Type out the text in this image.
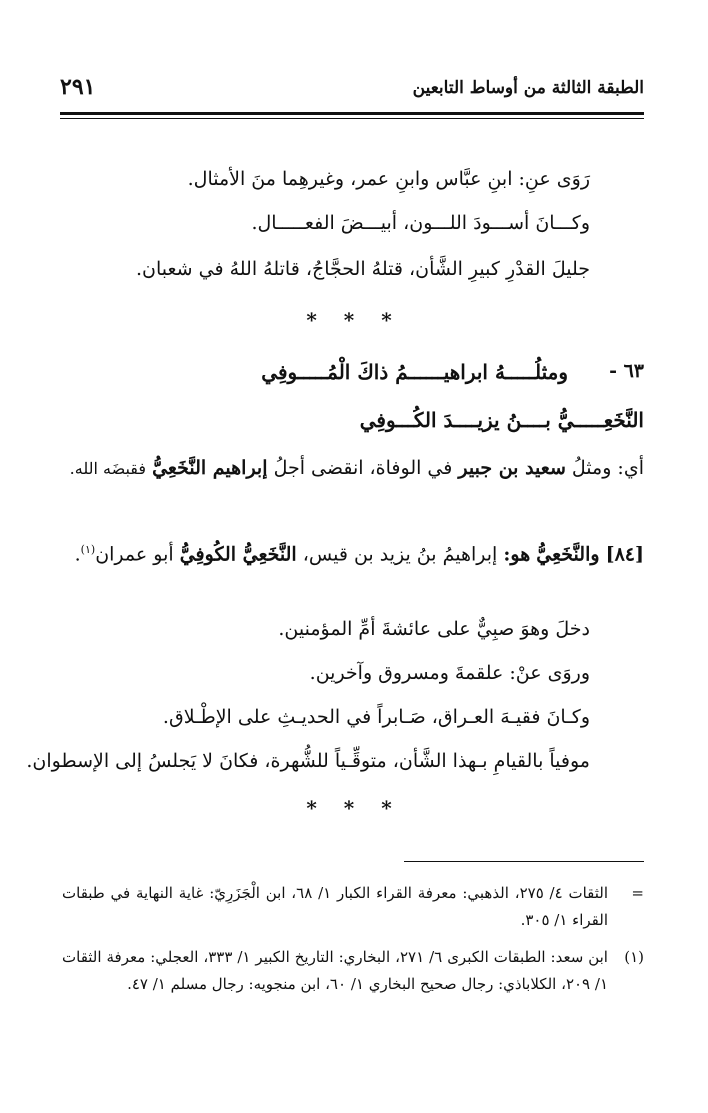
الطبقة الثالثة من أوساط التابعين
٢٩١
رَوَى عنِ: ابنِ عبَّاس وابنِ عمر، وغيرهِما منَ الأمثال.
وكـــانَ أســـودَ اللـــون، أبيـــضَ الفعـــــال.
جليلَ القدْرِ كبيرِ الشَّأن، قتلهُ الحجَّاجُ، قاتلهُ اللهُ في شعبان.
* * *
٦٣ -
ومثلُـــــهُ ابراهيــــــمُ ذاكَ الْمُـــــوفِي
النَّخَعِـــــيُّ بــــنُ يزيــــدَ الكُـــوفِي
أي: ومثلُ سعيد بن جبير في الوفاة، انقضى أجلُ إبراهيم النَّخَعِيُّ فقبضَه الله.
[٨٤] والنَّخَعِيُّ هو: إبراهيمُ بنُ يزيد بن قيس، النَّخَعِيُّ الكُوفِيُّ أبو عمران$^{(١)}$.
دخلَ وهوَ صبِيٌّ على عائشةَ أمِّ المؤمنين.
وروَى عنْ: علقمةَ ومسروق وآخرين.
وكـانَ فقيـهَ العـراق، صَـابراً في الحديـثِ على الإطْـلاق.
موفياً بالقيامِ بـهذا الشَّأن، متوقِّـياً للشُّهرة، فكانَ لا يَجلسُ إلى الإسطوان.
* * *
=
الثقات ٤/ ٢٧٥، الذهبي: معرفة القراء الكبار ١/ ٦٨، ابن الْجَزَرِيّ: غاية النهاية في طبقات القراء ١/ ٣٠٥.
(١)
ابن سعد: الطبقات الكبرى ٦/ ٢٧١، البخاري: التاريخ الكبير ١/ ٣٣٣، العجلي: معرفة الثقات ١/ ٢٠٩، الكلاباذي: رجال صحيح البخاري ١/ ٦٠، ابن منجويه: رجال مسلم ١/ ٤٧.
